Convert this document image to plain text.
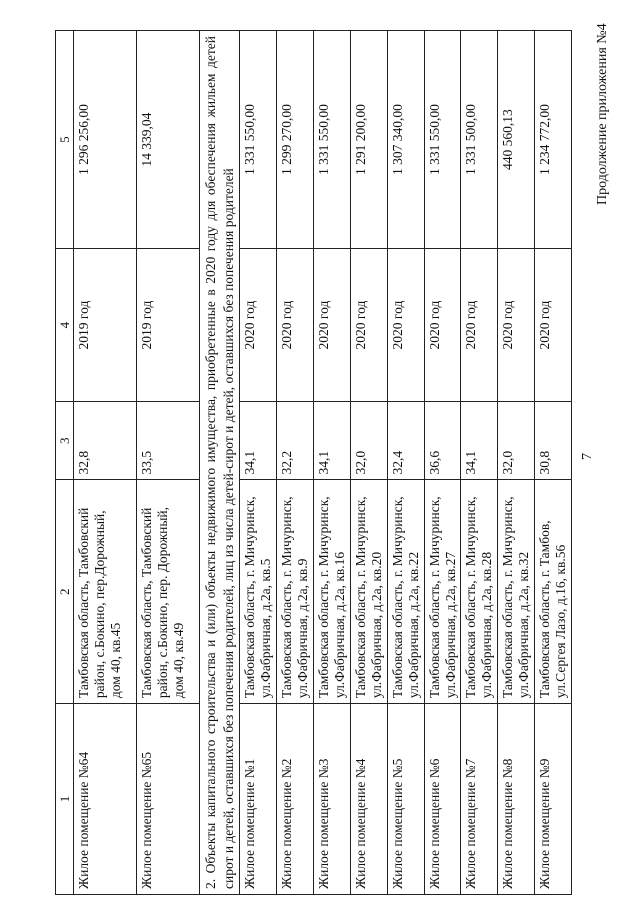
7
Продолжение приложения №4
1	2	3	4	5
Жилое помещение №64	Тамбовская область, Тамбовский район, с.Бокино, пер.Дорожный, дом 40, кв.45	32,8	2019 год	1 296 256,00
Жилое помещение №65	Тамбовская область, Тамбовский район, с.Бокино, пер. Дорожный, дом 40, кв.49	33,5	2019 год	14 339,04
2. Объекты капитального строительства и (или) объекты недвижимого имущества, приобретенные в 2020 году для обеспечения жильем детей сирот и детей, оставшихся без попечения родителей, лиц из числа детей-сирот и детей, оставшихся без попечения родителей				
Жилое помещение №1	Тамбовская область, г. Мичуринск, ул.Фабричная, д.2а, кв.5	34,1	2020 год	1 331 550,00
Жилое помещение №2	Тамбовская область, г. Мичуринск, ул.Фабричная, д.2а, кв.9	32,2	2020 год	1 299 270,00
Жилое помещение №3	Тамбовская область, г. Мичуринск, ул.Фабричная, д.2а, кв.16	34,1	2020 год	1 331 550,00
Жилое помещение №4	Тамбовская область, г. Мичуринск, ул.Фабричная, д.2а, кв.20	32,0	2020 год	1 291 200,00
Жилое помещение №5	Тамбовская область, г. Мичуринск, ул.Фабричная, д.2а, кв.22	32,4	2020 год	1 307 340,00
Жилое помещение №6	Тамбовская область, г. Мичуринск, ул.Фабричная, д.2а, кв.27	36,6	2020 год	1 331 550,00
Жилое помещение №7	Тамбовская область, г. Мичуринск, ул.Фабричная, д.2а, кв.28	34,1	2020 год	1 331 500,00
Жилое помещение №8	Тамбовская область, г. Мичуринск, ул.Фабричная, д.2а, кв.32	32,0	2020 год	440 560,13
Жилое помещение №9	Тамбовская область, г. Тамбов, ул.Сергея Лазо, д.16, кв.56	30,8	2020 год	1 234 772,00
